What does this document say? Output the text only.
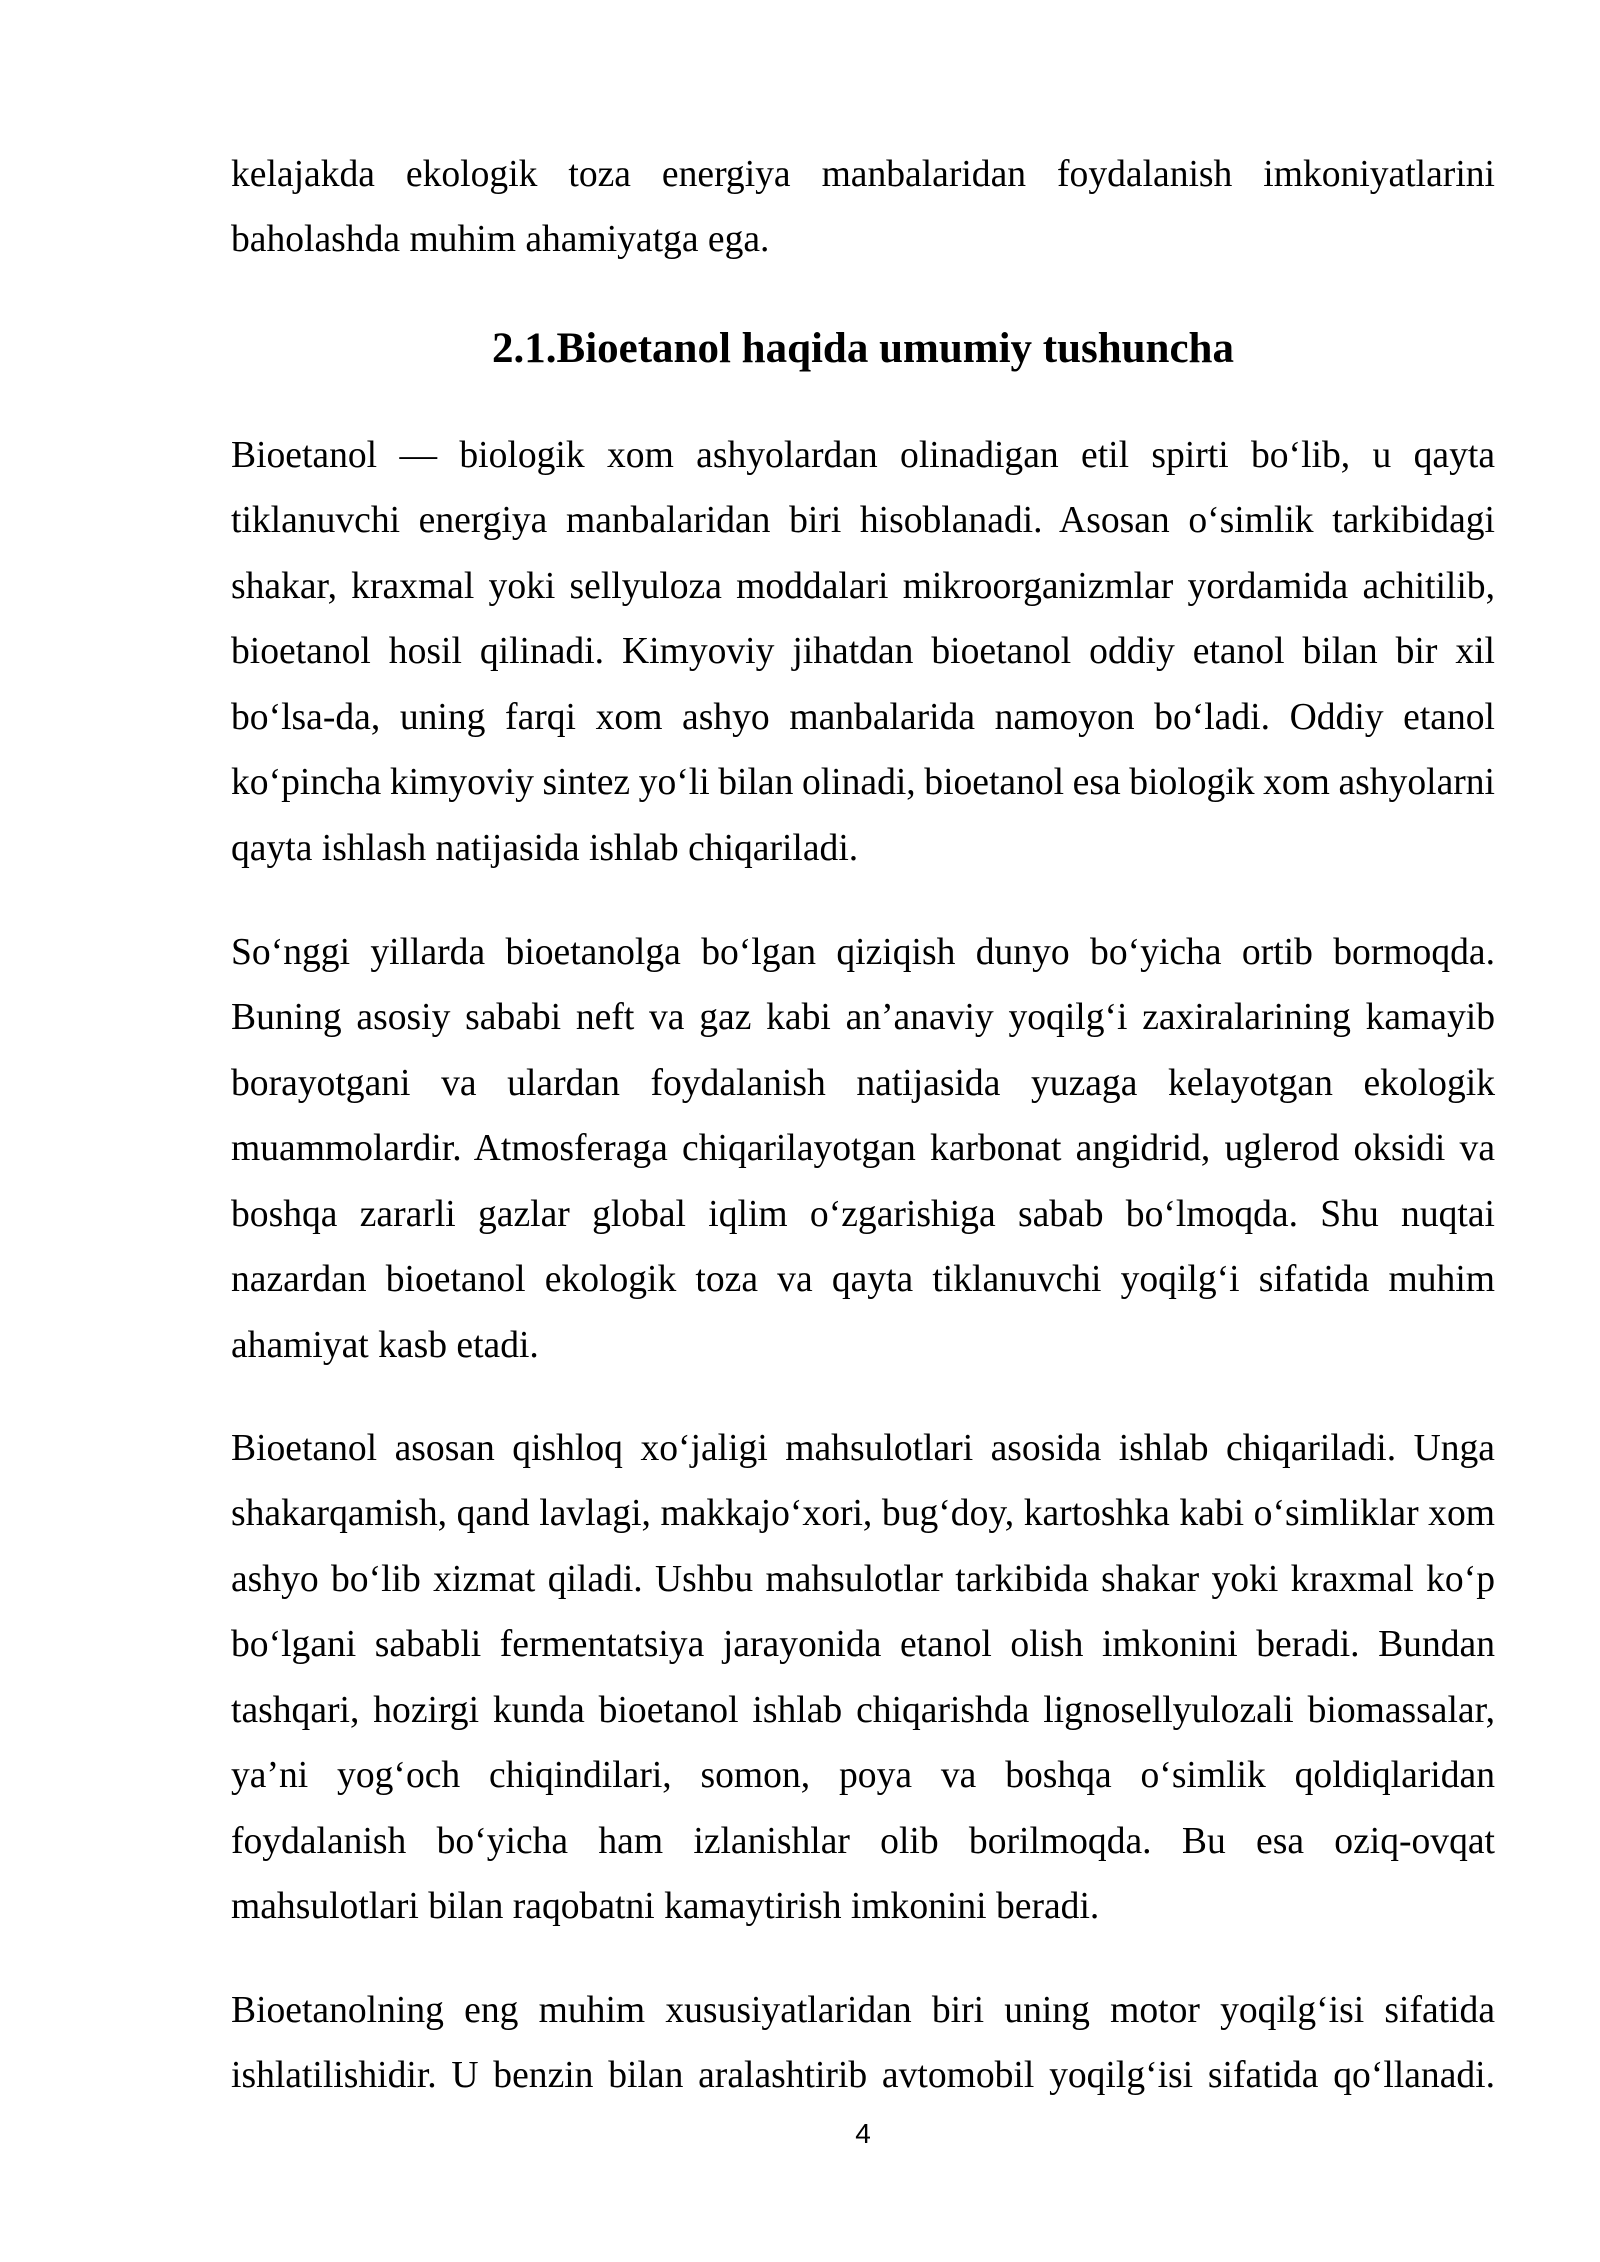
kelajakda ekologik toza energiya manbalaridan foydalanish imkoniyatlarini
baholashda muhim ahamiyatga ega.
2.1.Bioetanol haqida umumiy tushuncha
Bioetanol — biologik xom ashyolardan olinadigan etil spirti bo‘lib, u qayta
tiklanuvchi energiya manbalaridan biri hisoblanadi. Asosan o‘simlik tarkibidagi
shakar, kraxmal yoki sellyuloza moddalari mikroorganizmlar yordamida achitilib,
bioetanol hosil qilinadi. Kimyoviy jihatdan bioetanol oddiy etanol bilan bir xil
bo‘lsa-da, uning farqi xom ashyo manbalarida namoyon bo‘ladi. Oddiy etanol
ko‘pincha kimyoviy sintez yo‘li bilan olinadi, bioetanol esa biologik xom ashyolarni
qayta ishlash natijasida ishlab chiqariladi.
So‘nggi yillarda bioetanolga bo‘lgan qiziqish dunyo bo‘yicha ortib bormoqda.
Buning asosiy sababi neft va gaz kabi an’anaviy yoqilg‘i zaxiralarining kamayib
borayotgani va ulardan foydalanish natijasida yuzaga kelayotgan ekologik
muammolardir. Atmosferaga chiqarilayotgan karbonat angidrid, uglerod oksidi va
boshqa zararli gazlar global iqlim o‘zgarishiga sabab bo‘lmoqda. Shu nuqtai
nazardan bioetanol ekologik toza va qayta tiklanuvchi yoqilg‘i sifatida muhim
ahamiyat kasb etadi.
Bioetanol asosan qishloq xo‘jaligi mahsulotlari asosida ishlab chiqariladi. Unga
shakarqamish, qand lavlagi, makkajo‘xori, bug‘doy, kartoshka kabi o‘simliklar xom
ashyo bo‘lib xizmat qiladi. Ushbu mahsulotlar tarkibida shakar yoki kraxmal ko‘p
bo‘lgani sababli fermentatsiya jarayonida etanol olish imkonini beradi. Bundan
tashqari, hozirgi kunda bioetanol ishlab chiqarishda lignosellyulozali biomassalar,
ya’ni yog‘och chiqindilari, somon, poya va boshqa o‘simlik qoldiqlaridan
foydalanish bo‘yicha ham izlanishlar olib borilmoqda. Bu esa oziq-ovqat
mahsulotlari bilan raqobatni kamaytirish imkonini beradi.
Bioetanolning eng muhim xususiyatlaridan biri uning motor yoqilg‘isi sifatida
ishlatilishidir. U benzin bilan aralashtirib avtomobil yoqilg‘isi sifatida qo‘llanadi.
4
